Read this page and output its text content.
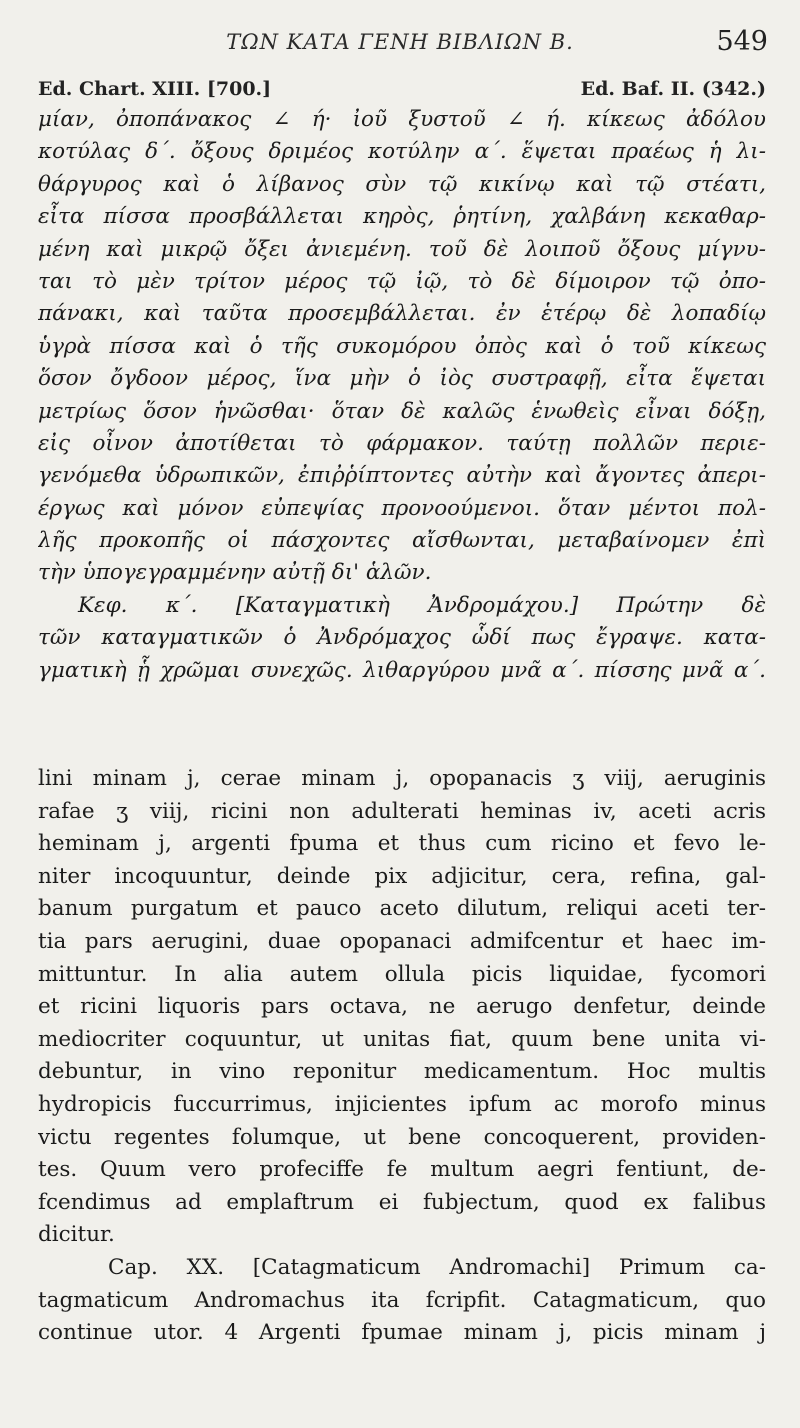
ΤΩΝ ΚΑΤΑ ΓΕΝΗ ΒΙΒΛΙΩΝ Β.	549
Ed. Chart. XIII. [700.]	Ed. Baf. II. (342.)
μίαν, ὀποπάνακος ∠ ή· ἰοῦ ξυστοῦ ∠ ή. κίκεως ἀδόλου
κοτύλας δ΄. ὄξους δριμέος κοτύλην α΄. ἕψεται πραέως ἡ λι-
θάργυρος καὶ ὁ λίβανος σὺν τῷ κικίνῳ καὶ τῷ στέατι,
εἶτα πίσσα προσβάλλεται κηρὸς, ῥητίνη, χαλβάνη κεκαθαρ-
μένη καὶ μικρῷ ὄξει ἀνιεμένη. τοῦ δὲ λοιποῦ ὄξους μίγνυ-
ται τὸ μὲν τρίτον μέρος τῷ ἰῷ, τὸ δὲ δίμοιρον τῷ ὀπο-
πάνακι, καὶ ταῦτα προσεμβάλλεται. ἐν ἑτέρῳ δὲ λοπαδίῳ
ὑγρὰ πίσσα καὶ ὁ τῆς συκομόρου ὀπὸς καὶ ὁ τοῦ κίκεως
ὅσον ὄγδοον μέρος, ἵνα μὴν ὁ ἰὸς συστραφῇ, εἶτα ἕψεται
μετρίως ὅσον ἡνῶσθαι· ὅταν δὲ καλῶς ἑνωθεὶς εἶναι δόξῃ,
εἰς οἶνον ἀποτίθεται τὸ φάρμακον. ταύτῃ πολλῶν περιε-
γενόμεθα ὑδρωπικῶν, ἐπιῤῥίπτοντες αὐτὴν καὶ ἄγοντες ἀπερι-
έργως καὶ μόνον εὐπεψίας προνοούμενοι. ὅταν μέντοι πολ-
λῆς προκοπῆς οἱ πάσχοντες αἴσθωνται, μεταβαίνομεν ἐπὶ
τὴν ὑπογεγραμμένην αὐτῇ δι' ἁλῶν.
Κεφ. κ΄. [Καταγματικὴ Ἀνδρομάχου.] Πρώτην δὲ
τῶν καταγματικῶν ὁ Ἀνδρόμαχος ὧδί πως ἔγραψε. κατα-
γματικὴ ᾗ χρῶμαι συνεχῶς. λιθαργύρου μνᾶ α΄. πίσσης μνᾶ α΄.
lini minam j, cerae minam j, opopanacis ʒ viij, aeruginis
rafae ʒ viij, ricini non adulterati heminas iv, aceti acris
heminam j, argenti fpuma et thus cum ricino et fevo le-
niter incoquuntur, deinde pix adjicitur, cera, refina, gal-
banum purgatum et pauco aceto dilutum, reliqui aceti ter-
tia pars aerugini, duae opopanaci admifcentur et haec im-
mittuntur. In alia autem ollula picis liquidae, fycomori
et ricini liquoris pars octava, ne aerugo denfetur, deinde
mediocriter coquuntur, ut unitas fiat, quum bene unita vi-
debuntur, in vino reponitur medicamentum. Hoc multis
hydropicis fuccurrimus, injicientes ipfum ac morofo minus
victu regentes folumque, ut bene concoquerent, providen-
tes. Quum vero profeciffe fe multum aegri fentiunt, de-
fcendimus ad emplaftrum ei fubjectum, quod ex falibus
dicitur.
Cap. XX. [Catagmaticum Andromachi] Primum ca-
tagmaticum Andromachus ita fcripfit. Catagmaticum, quo
continue utor. 4 Argenti fpumae minam j, picis minam j
